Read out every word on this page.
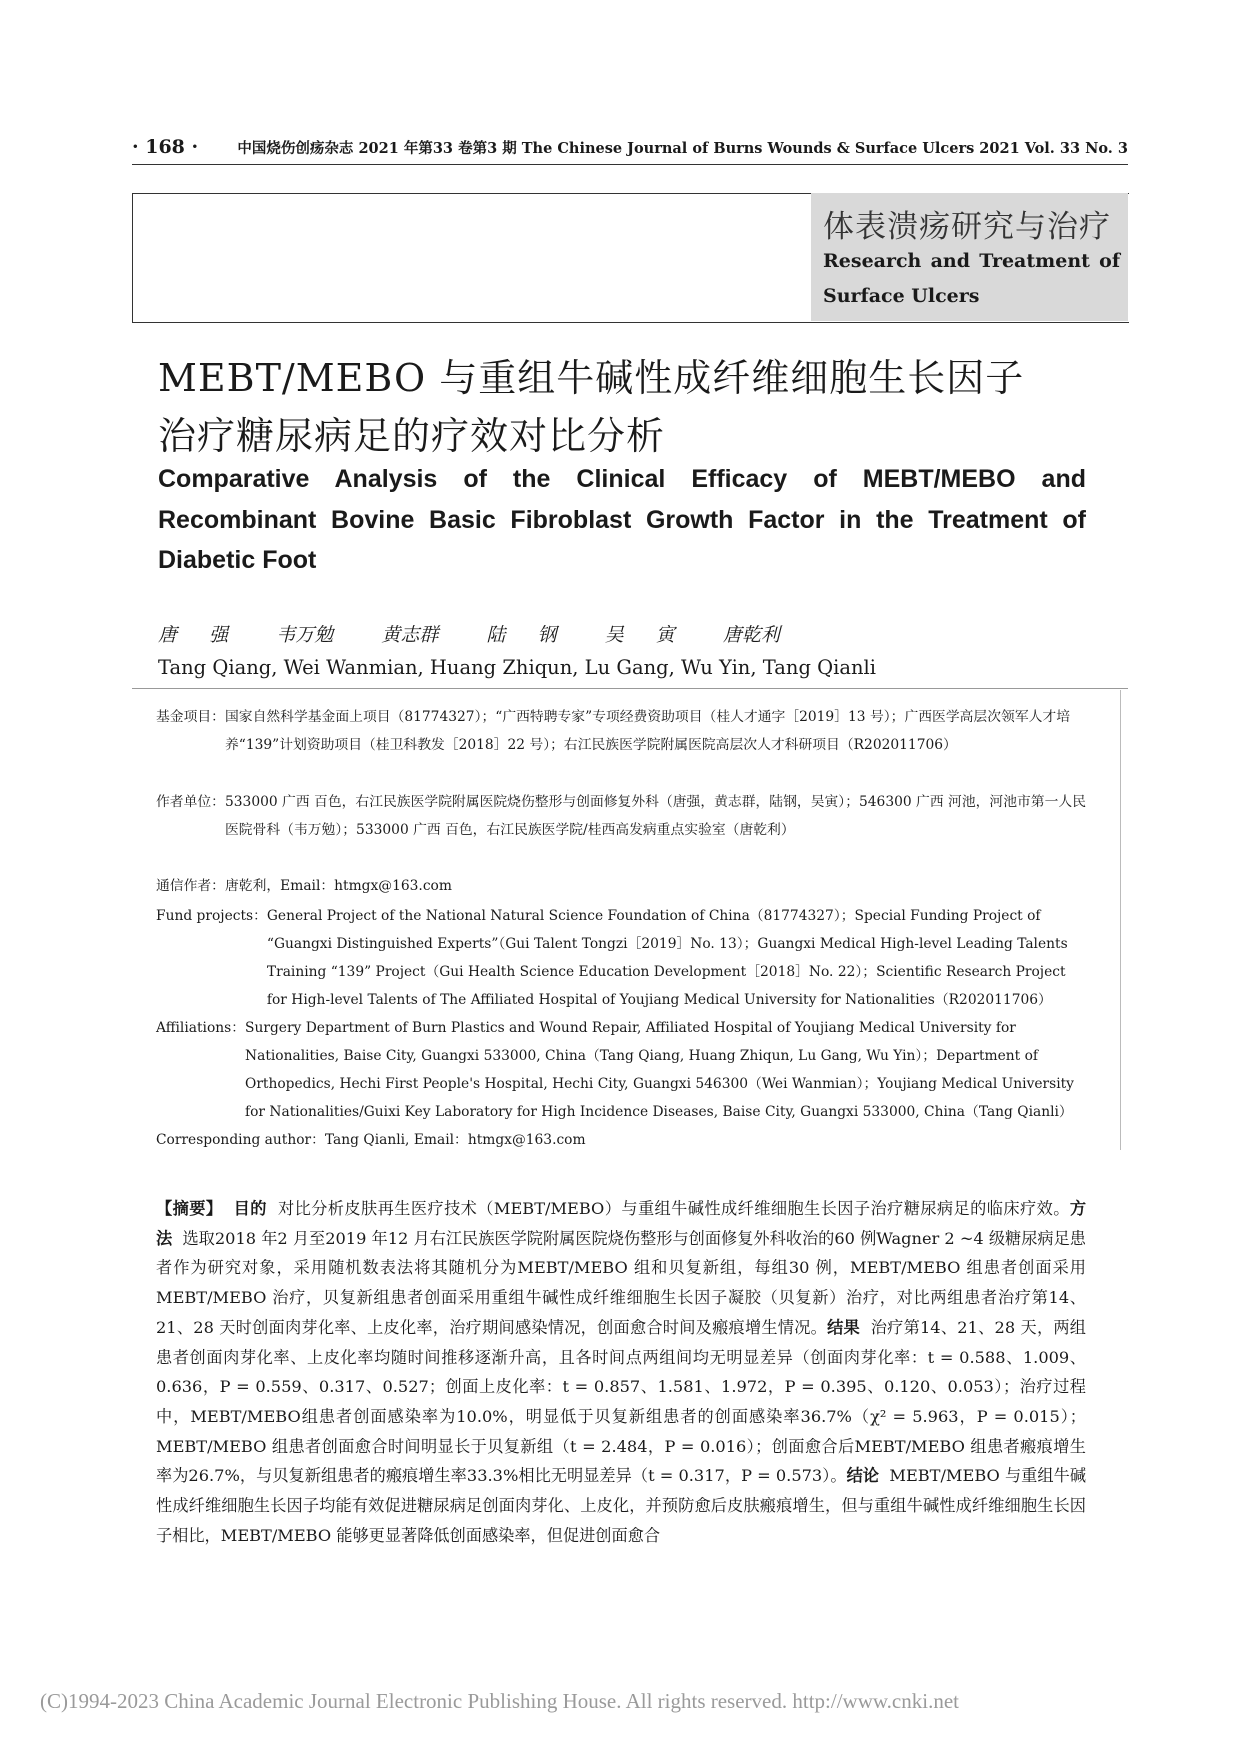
· 168 ·	中国烧伤创疡杂志 2021 年第33 卷第3 期 The Chinese Journal of Burns Wounds & Surface Ulcers 2021 Vol. 33 No. 3
体表溃疡研究与治疗
Research and Treatment of
Surface Ulcers
MEBT/MEBO 与重组牛碱性成纤维细胞生长因子
治疗糖尿病足的疗效对比分析
Comparative Analysis of the Clinical Efficacy of MEBT/MEBO and
Recombinant Bovine Basic Fibroblast Growth Factor in the Treatment of
Diabetic Foot
唐  强   韦万勉   黄志群   陆  钢   吴  寅   唐乾利
Tang Qiang, Wei Wanmian, Huang Zhiqun, Lu Gang, Wu Yin, Tang Qianli
基金项目： 国家自然科学基金面上项目（81774327）；“广西特聘专家”专项经费资助项目（桂人才通字［2019］13 号）；广西医学高层次领军人才培养“139”计划资助项目（桂卫科教发［2018］22 号）；右江民族医学院附属医院高层次人才科研项目（R202011706）
作者单位： 533000 广西 百色，右江民族医学院附属医院烧伤整形与创面修复外科（唐强，黄志群，陆钢，吴寅）；546300 广西 河池，河池市第一人民医院骨科（韦万勉）；533000 广西 百色，右江民族医学院/桂西高发病重点实验室（唐乾利）
通信作者： 唐乾利，Email：htmgx@163.com
Fund projects： General Project of the National Natural Science Foundation of China（81774327）；Special Funding Project of “Guangxi Distinguished Experts”（Gui Talent Tongzi［2019］No. 13）；Guangxi Medical High-level Leading Talents Training “139” Project（Gui Health Science Education Development［2018］No. 22）；Scientific Research Project for High-level Talents of The Affiliated Hospital of Youjiang Medical University for Nationalities（R202011706）
Affiliations： Surgery Department of Burn Plastics and Wound Repair, Affiliated Hospital of Youjiang Medical University for Nationalities, Baise City, Guangxi 533000, China（Tang Qiang, Huang Zhiqun, Lu Gang, Wu Yin）；Department of Orthopedics, Hechi First People's Hospital, Hechi City, Guangxi 546300（Wei Wanmian）；Youjiang Medical University for Nationalities/Guixi Key Laboratory for High Incidence Diseases, Baise City, Guangxi 533000, China（Tang Qianli）
Corresponding author： Tang Qianli, Email：htmgx@163.com
【摘要】 目的 对比分析皮肤再生医疗技术（MEBT/MEBO）与重组牛碱性成纤维细胞生长因子治疗糖尿病足的临床疗效。方法 选取2018 年2 月至2019 年12 月右江民族医学院附属医院烧伤整形与创面修复外科收治的60 例Wagner 2 ~4 级糖尿病足患者作为研究对象，采用随机数表法将其随机分为MEBT/MEBO 组和贝复新组，每组30 例，MEBT/MEBO 组患者创面采用MEBT/MEBO 治疗，贝复新组患者创面采用重组牛碱性成纤维细胞生长因子凝胶（贝复新）治疗，对比两组患者治疗第14、21、28 天时创面肉芽化率、上皮化率，治疗期间感染情况，创面愈合时间及瘢痕增生情况。结果 治疗第14、21、28 天，两组患者创面肉芽化率、上皮化率均随时间推移逐渐升高，且各时间点两组间均无明显差异（创面肉芽化率：t = 0.588、1.009、0.636，P = 0.559、0.317、0.527；创面上皮化率：t = 0.857、1.581、1.972，P = 0.395、0.120、0.053）；治疗过程中，MEBT/MEBO组患者创面感染率为10.0%，明显低于贝复新组患者的创面感染率36.7%（χ² = 5.963，P = 0.015）；MEBT/MEBO 组患者创面愈合时间明显长于贝复新组（t = 2.484，P = 0.016）；创面愈合后MEBT/MEBO 组患者瘢痕增生率为26.7%，与贝复新组患者的瘢痕增生率33.3%相比无明显差异（t = 0.317，P = 0.573）。结论 MEBT/MEBO 与重组牛碱性成纤维细胞生长因子均能有效促进糖尿病足创面肉芽化、上皮化，并预防愈后皮肤瘢痕增生，但与重组牛碱性成纤维细胞生长因子相比，MEBT/MEBO 能够更显著降低创面感染率，但促进创面愈合
(C)1994-2023 China Academic Journal Electronic Publishing House. All rights reserved. http://www.cnki.net
